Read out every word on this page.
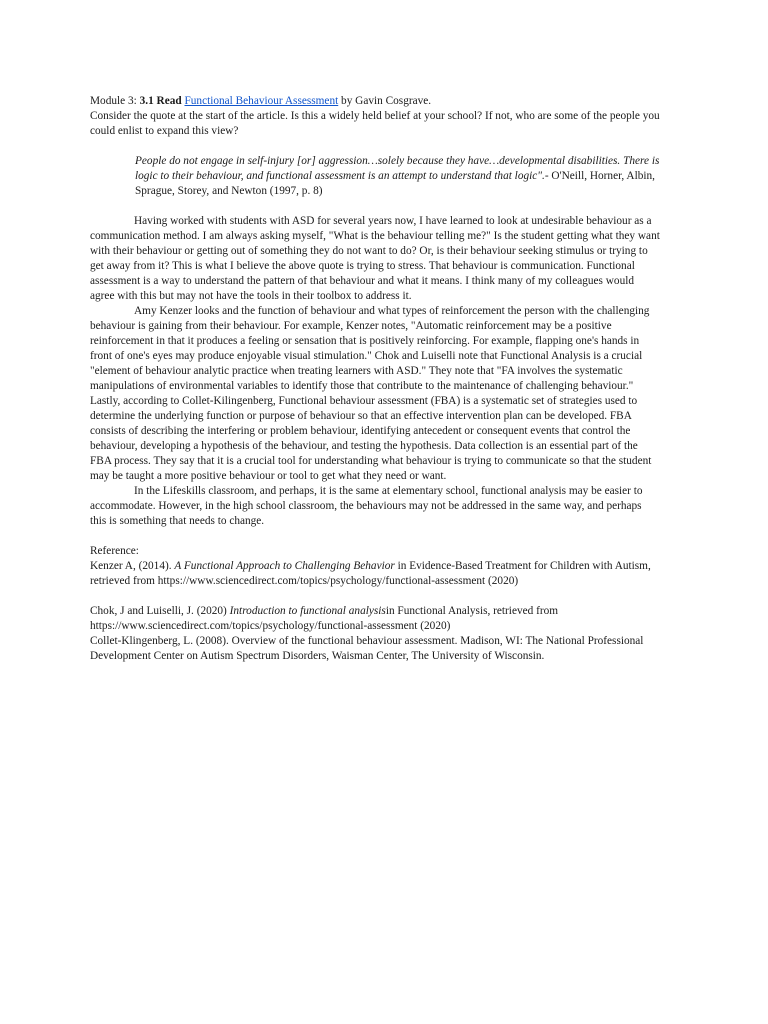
Module 3: 3.1 Read Functional Behaviour Assessment by Gavin Cosgrave.

Consider the quote at the start of the article. Is this a widely held belief at your school? If not, who are some of the people you could enlist to expand this view?

People do not engage in self-injury [or] aggression…solely because they have…developmental disabilities. There is logic to their behaviour, and functional assessment is an attempt to understand that logic".- O'Neill, Horner, Albin, Sprague, Storey, and Newton (1997, p. 8)

Having worked with students with ASD for several years now, I have learned to look at undesirable behaviour as a communication method. I am always asking myself, "What is the behaviour telling me?" Is the student getting what they want with their behaviour or getting out of something they do not want to do? Or, is their behaviour seeking stimulus or trying to get away from it? This is what I believe the above quote is trying to stress. That behaviour is communication. Functional assessment is a way to understand the pattern of that behaviour and what it means. I think many of my colleagues would agree with this but may not have the tools in their toolbox to address it.

Amy Kenzer looks and the function of behaviour and what types of reinforcement the person with the challenging behaviour is gaining from their behaviour. For example, Kenzer notes, "Automatic reinforcement may be a positive reinforcement in that it produces a feeling or sensation that is positively reinforcing. For example, flapping one's hands in front of one's eyes may produce enjoyable visual stimulation." Chok and Luiselli note that Functional Analysis is a crucial "element of behaviour analytic practice when treating learners with ASD." They note that "FA involves the systematic manipulations of environmental variables to identify those that contribute to the maintenance of challenging behaviour." Lastly, according to Collet-Kilingenberg, Functional behaviour assessment (FBA) is a systematic set of strategies used to determine the underlying function or purpose of behaviour so that an effective intervention plan can be developed. FBA consists of describing the interfering or problem behaviour, identifying antecedent or consequent events that control the behaviour, developing a hypothesis of the behaviour, and testing the hypothesis. Data collection is an essential part of the FBA process. They say that it is a crucial tool for understanding what behaviour is trying to communicate so that the student may be taught a more positive behaviour or tool to get what they need or want.

In the Lifeskills classroom, and perhaps, it is the same at elementary school, functional analysis may be easier to accommodate. However, in the high school classroom, the behaviours may not be addressed in the same way, and perhaps this is something that needs to change.

Reference:

Kenzer A, (2014). A Functional Approach to Challenging Behavior in Evidence-Based Treatment for Children with Autism, retrieved from https://www.sciencedirect.com/topics/psychology/functional-assessment (2020)

Chok, J and Luiselli, J. (2020) Introduction to functional analysisin Functional Analysis, retrieved from https://www.sciencedirect.com/topics/psychology/functional-assessment (2020)

Collet-Klingenberg, L. (2008). Overview of the functional behaviour assessment. Madison, WI: The National Professional Development Center on Autism Spectrum Disorders, Waisman Center, The University of Wisconsin.
